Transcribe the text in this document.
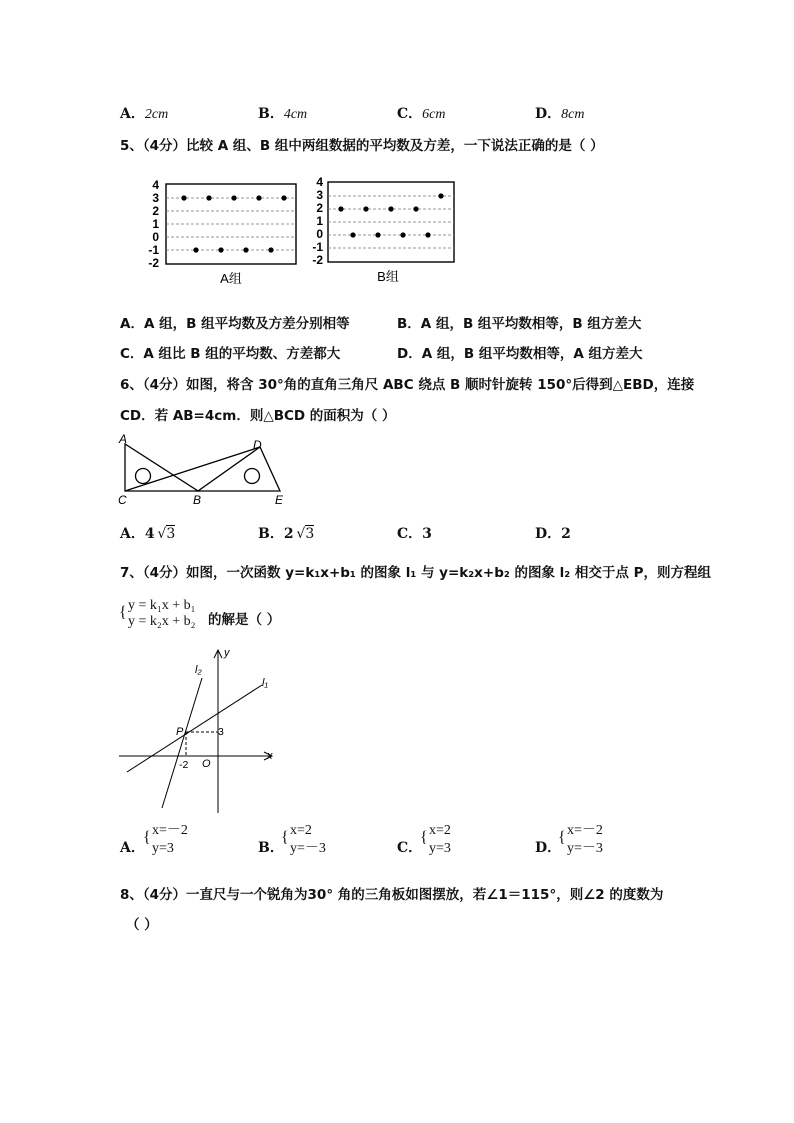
A．2cm	B．4cm	C．6cm	D．8cm
5、（4分）比较 A 组、B 组中两组数据的平均数及方差，一下说法正确的是（ ）
4
3
2
1
0
-1
-2
A组
4
3
2
1
0
-1
-2
B组
A．A 组，B 组平均数及方差分别相等	B．A 组，B 组平均数相等，B 组方差大
C．A 组比 B 组的平均数、方差都大	D．A 组，B 组平均数相等，A 组方差大
6、（4分）如图，将含 30°角的直角三角尺 ABC 绕点 B 顺时针旋转 150°后得到△EBD，连接
CD．若 AB=4cm．则△BCD 的面积为（ ）
A
C	B
D
E
A．4  √3	B．2  √3	C．3	D．2
7、（4分）如图，一次函数 y=k₁x+b₁ 的图象 l₁ 与 y=k₂x+b₂ 的图象 l₂ 相交于点 P，则方程组
{ y = k₁x + b₁
y = k₂x + b₂ 的解是（ ）
y
x
l₁
l₂
P
O
3
-2
A．
{ x=－2
y=3	B．
{ x=2
y=－3	C．
{ x=2
y=3	D．
{ x=－2
y=－3
8、（4分）一直尺与一个锐角为30° 角的三角板如图摆放，若∠1＝115°，则∠2 的度数为
（ ）
